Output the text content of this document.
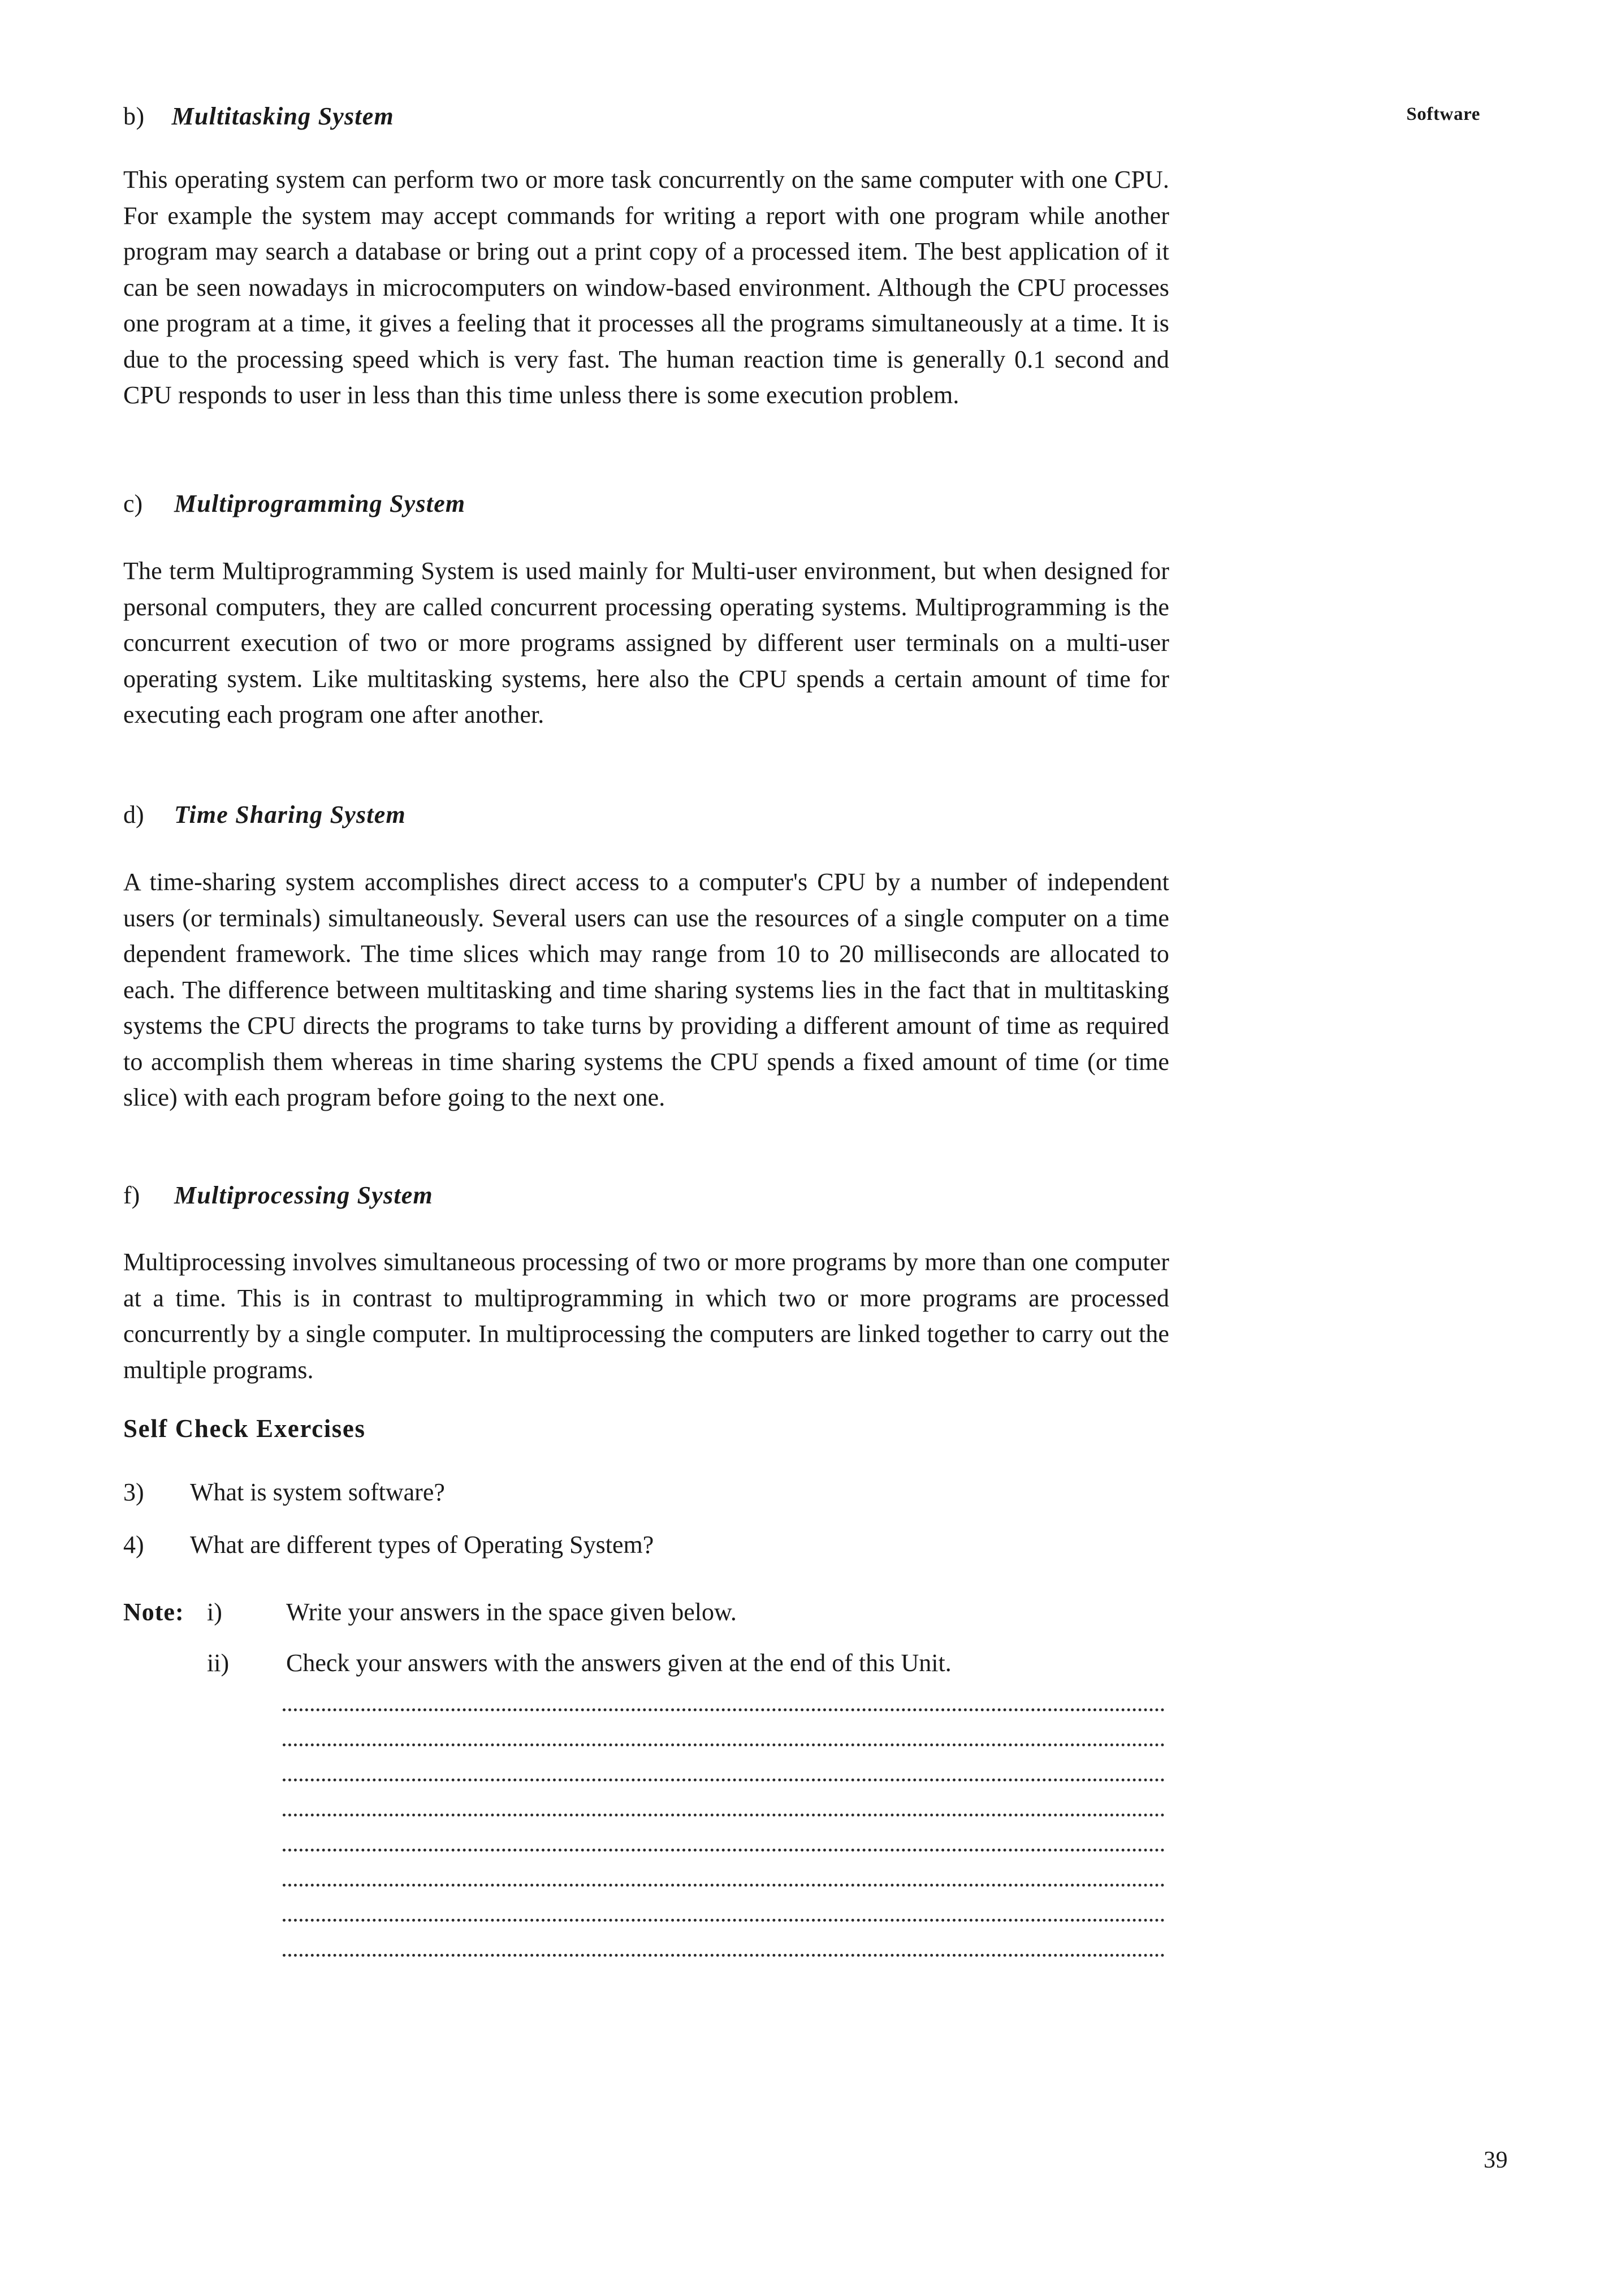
b) Multitasking System	Software

This operating system can perform two or more task concurrently on the same computer with one CPU. For example the system may accept commands for writing a report with one program while another program may search a database or bring out a print copy of a processed item. The best application of it can be seen nowadays in microcomputers on window-based environment. Although the CPU processes one program at a time, it gives a feeling that it processes all the programs simultaneously at a time. It is due to the processing speed which is very fast. The human reaction time is generally 0.1 second and CPU responds to user in less than this time unless there is some execution problem.

c) Multiprogramming System

The term Multiprogramming System is used mainly for Multi-user environment, but when designed for personal computers, they are called concurrent processing operating systems. Multiprogramming is the concurrent execution of two or more programs assigned by different user terminals on a multi-user operating system. Like multitasking systems, here also the CPU spends a certain amount of time for executing each program one after another.

d) Time Sharing System

A time-sharing system accomplishes direct access to a computer's CPU by a number of independent users (or terminals) simultaneously. Several users can use the resources of a single computer on a time dependent framework. The time slices which may range from 10 to 20 milliseconds are allocated to each. The difference between multitasking and time sharing systems lies in the fact that in multitasking systems the CPU directs the programs to take turns by providing a different amount of time as required to accomplish them whereas in time sharing systems the CPU spends a fixed amount of time (or time slice) with each program before going to the next one.

f) Multiprocessing System

Multiprocessing involves simultaneous processing of two or more programs by more than one computer at a time. This is in contrast to multiprogramming in which two or more programs are processed concurrently by a single computer. In multiprocessing the computers are linked together to carry out the multiple programs.

Self Check Exercises
3) What is system software?
4) What are different types of Operating System?
Note: i)	Write your answers in the space given below.
ii) Check your answers with the answers given at the end of this Unit.
39
